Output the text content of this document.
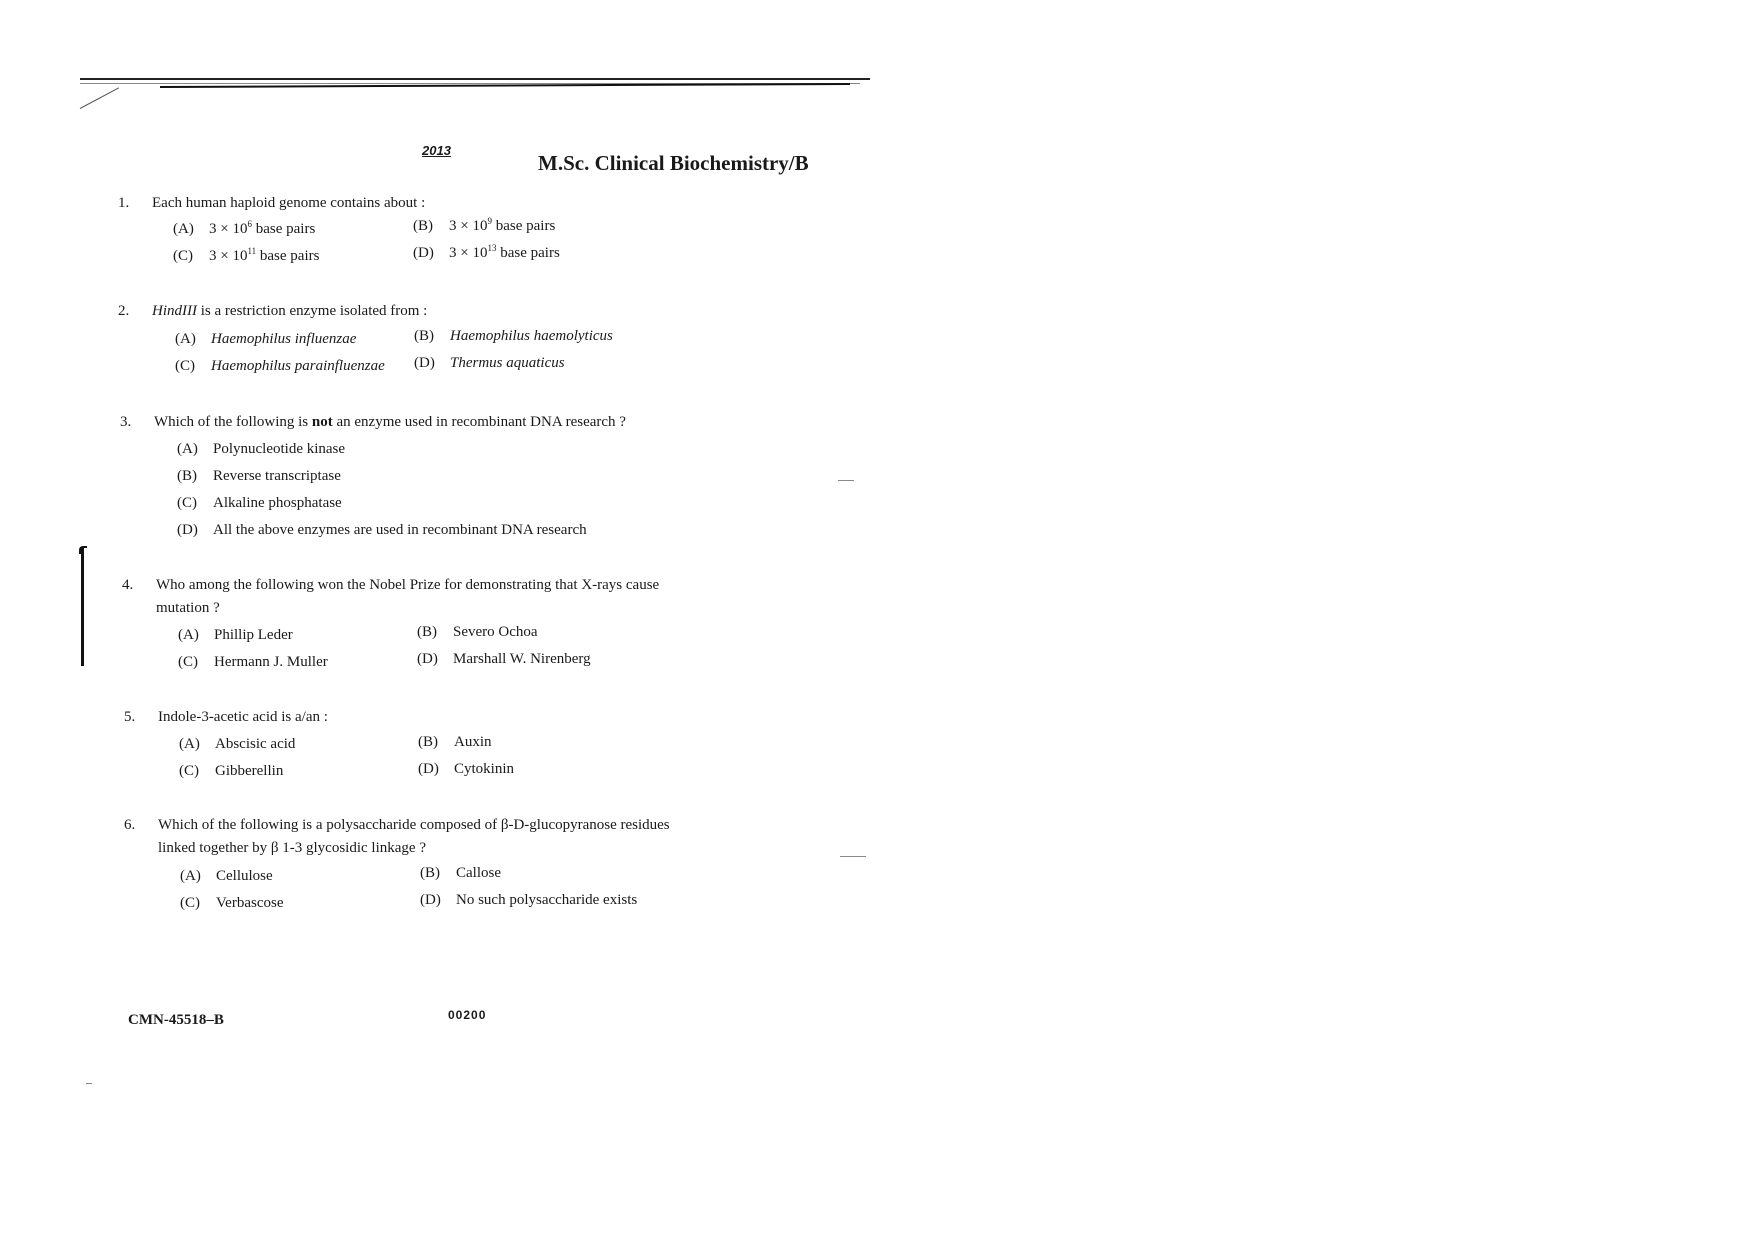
2013
M.Sc. Clinical Biochemistry/B
1. Each human haploid genome contains about :
(A) $3 \times 10^6$ base pairs	(B) $3 \times 10^9$ base pairs
(C) $3 \times 10^{11}$ base pairs	(D) $3 \times 10^{13}$ base pairs
2. HindIII is a restriction enzyme isolated from :
(A) Haemophilus influenzae	(B) Haemophilus haemolyticus
(C) Haemophilus parainfluenzae (D) Thermus aquaticus
3. Which of the following is not an enzyme used in recombinant DNA research ?
(A) Polynucleotide kinase
(B) Reverse transcriptase
(C) Alkaline phosphatase
(D) All the above enzymes are used in recombinant DNA research
4. Who among the following won the Nobel Prize for demonstrating that X-rays cause
mutation ?
(A) Phillip Leder	(B) Severo Ochoa
(C) Hermann J. Muller	(D) Marshall W. Nirenberg
5. Indole-3-acetic acid is a/an :
(A) Abscisic acid	(B) Auxin
(C) Gibberellin	(D) Cytokinin
6. Which of the following is a polysaccharide composed of β-D-glucopyranose residues
linked together by β 1-3 glycosidic linkage ?
(A) Cellulose	(B) Callose
(C) Verbascose	(D) No such polysaccharide exists
CMN-45518–B	00200
